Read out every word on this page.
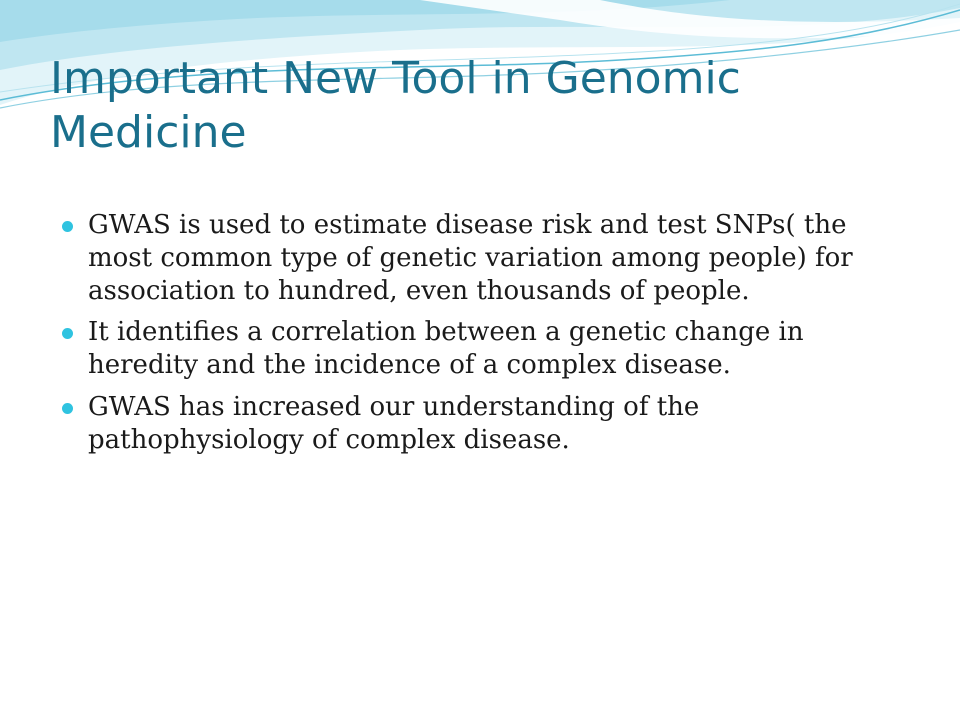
Important New Tool in Genomic Medicine
GWAS is used to estimate disease risk and test SNPs( the most common type of genetic variation among people) for association to hundred, even thousands of people.
It identifies a correlation between a genetic change in heredity and the incidence of a complex disease.
GWAS has increased our understanding of the pathophysiology of complex disease.
